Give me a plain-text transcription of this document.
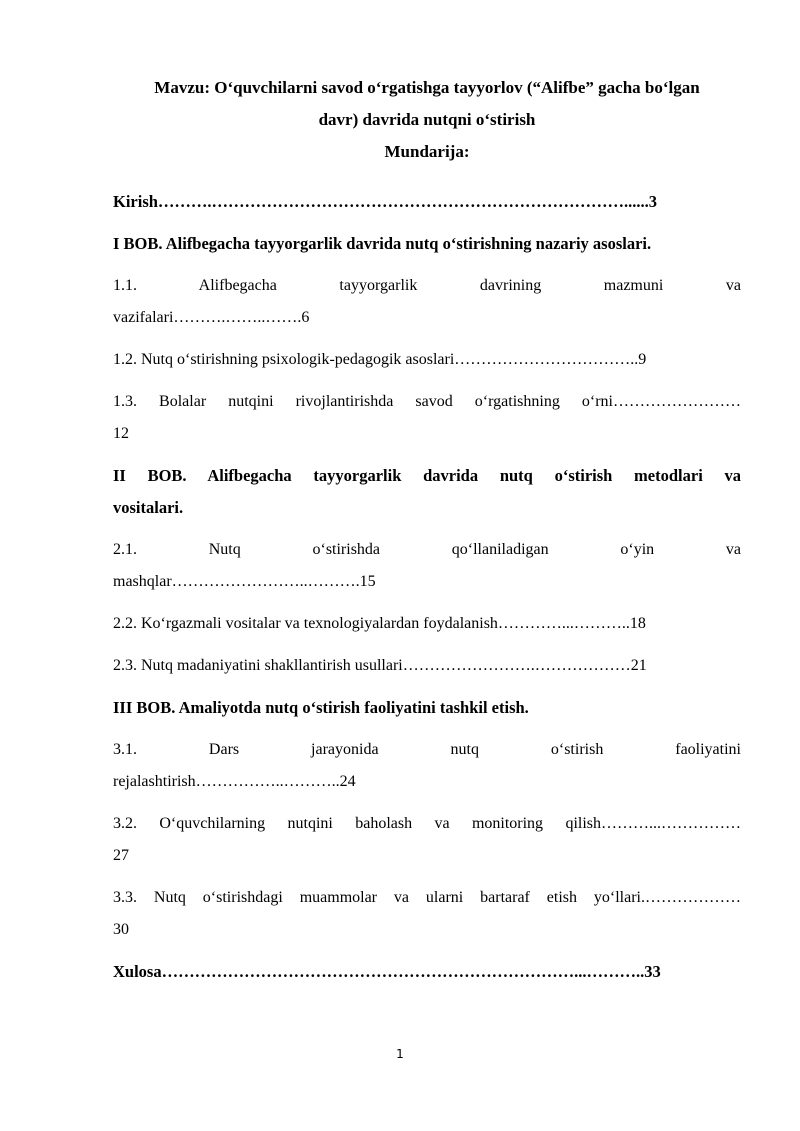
Mavzu: O‘quvchilarni savod o‘rgatishga tayyorlov (“Alifbe” gacha bo‘lgan
davr) davrida nutqni o‘stirish
Mundarija:

Kirish……….…………………………………………………………………......3

I BOB. Alifbegacha tayyorgarlik davrida nutq o‘stirishning nazariy asoslari.

1.1. Alifbegacha tayyorgarlik davrining mazmuni va
vazifalari……….……..…….6

1.2. Nutq o‘stirishning psixologik-pedagogik asoslari……………………………..9

1.3. Bolalar nutqini rivojlantirishda savod o‘rgatishning o‘rni……………………
12

II BOB. Alifbegacha tayyorgarlik davrida nutq o‘stirish metodlari va
vositalari.

2.1. Nutq o‘stirishda qo‘llaniladigan o‘yin va
mashqlar……………………..……….15

2.2. Ko‘rgazmali vositalar va texnologiyalardan foydalanish…………...………..18

2.3. Nutq madaniyatini shakllantirish usullari…………………….………………21

III BOB. Amaliyotda nutq o‘stirish faoliyatini tashkil etish.

3.1. Dars jarayonida nutq o‘stirish faoliyatini
rejalashtirish……………..………..24

3.2. O‘quvchilarning nutqini baholash va monitoring qilish………...……………
27

3.3. Nutq o‘stirishdagi muammolar va ularni bartaraf etish yo‘llari.………………
30

Xulosa…………………………………………………………………...………..33

1
